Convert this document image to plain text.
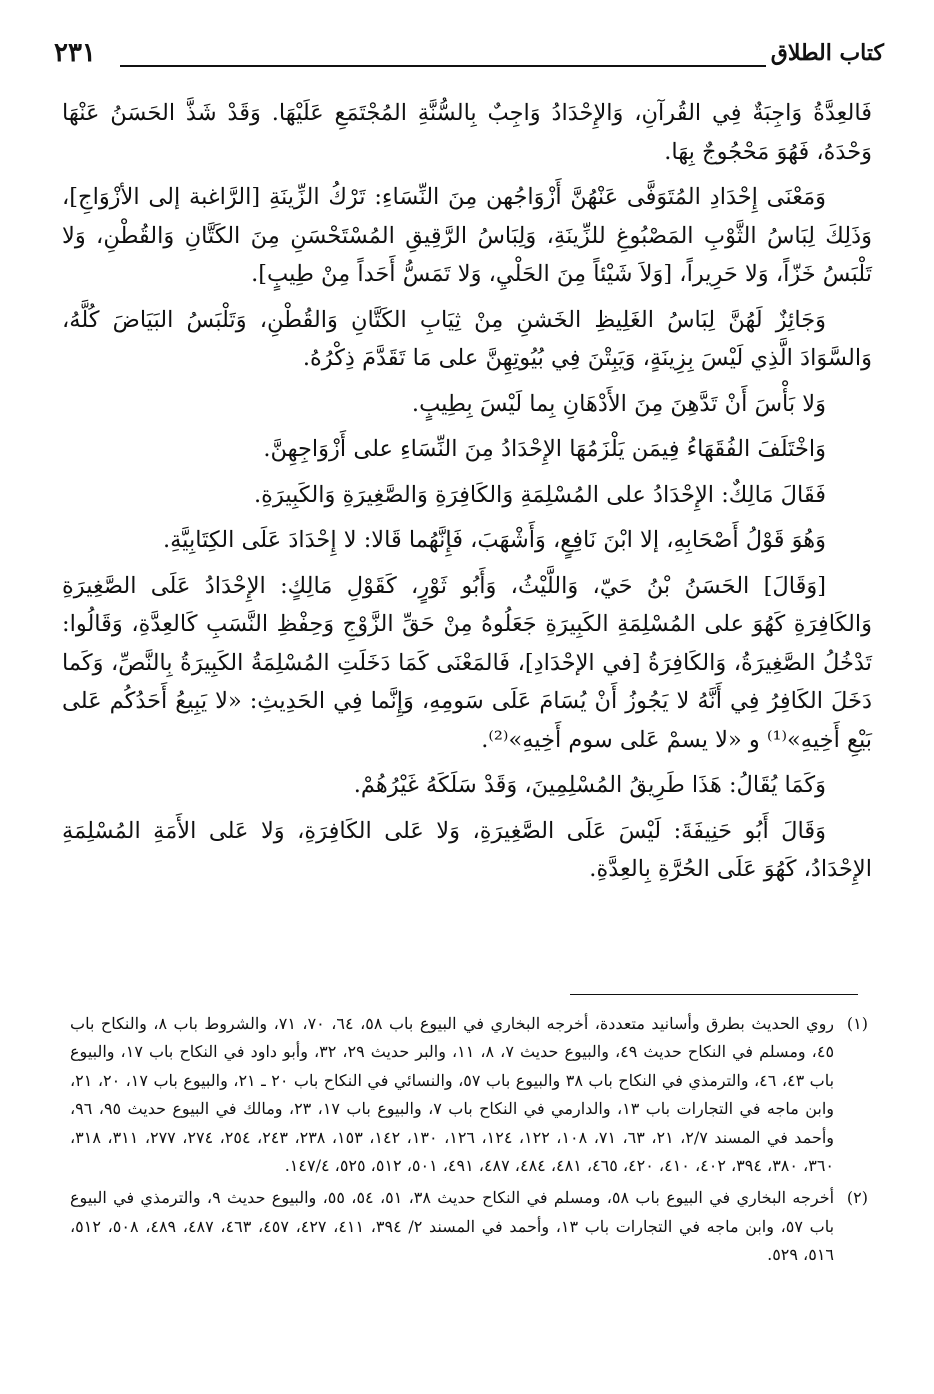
كتاب الطلاق
٢٣١

فَالعِدَّةُ وَاجِبَةٌ فِي القُرآنِ، وَالإِحْدَادُ وَاجِبٌ بِالسُّنَّةِ المُجْتَمَعِ عَلَيْهَا. وَقَدْ شَذَّ الحَسَنُ عَنْهَا وَحْدَهُ، فَهُوَ مَحْجُوجٌ بِهَا.

وَمَعْنَى إِحْدَادِ المُتَوَفَّى عَنْهُنَّ أَزْوَاجُهن مِنَ النِّسَاءِ: تَرْكُ الزِّينَةِ [الرَّاغبة إلى الأزْوَاجِ]، وَذَلِكَ لِبَاسُ الثَّوْبِ المَصْبُوغِ للزِّينَةِ، وَلِبَاسُ الرَّقِيقِ المُسْتَحْسَنِ مِنَ الكَتَّانِ وَالقُطْنِ، وَلا تَلْبَسُ خَزّاً، وَلا حَرِيراً، [وَلاَ شَيْئاً مِنَ الحَلْيِ، وَلا تَمَسُّ أَحَداً مِنْ طِيبٍ].

وَجَائِزٌ لَهُنَّ لِبَاسُ الغَلِيظِ الخَشنِ مِنْ ثِيَابِ الكَتَّانِ وَالقُطْنِ، وَتَلْبَسُ البَيَاضَ كُلَّهُ، وَالسَّوَادَ الَّذِي لَيْسَ بِزِينَةٍ، وَيَبِتْنَ فِي بُيُوتِهِنَّ على مَا تَقَدَّمَ ذِكْرُهُ.

وَلا بَأْسَ أَنْ تَدَّهِنَ مِنَ الأَدْهَانِ بِما لَيْسَ بِطِيبٍ.

وَاخْتَلَفَ الفُقَهَاءُ فِيمَن يَلْزَمُهَا الإِحْدَادُ مِنَ النِّسَاءِ على أَزْوَاجِهِنَّ.

فَقَالَ مَالِكٌ: الإِحْدَادُ على المُسْلِمَةِ وَالكَافِرَةِ وَالصَّغِيرَةِ وَالكَبِيرَةِ.

وَهُوَ قَوْلُ أَصْحَابِهِ، إلا ابْنَ نَافِعٍ، وَأَشْهَبَ، فَإِنَّهُما قَالا: لا إِحْدَادَ عَلَى الكِتَابِيَّةِ.

[وَقَالَ] الحَسَنُ بْنُ حَيّ، وَاللَّيْثُ، وَأَبُو ثَوْرٍ، كَقَوْلِ مَالِكٍ: الإِحْدَادُ عَلَى الصَّغِيرَةِ وَالكَافِرَةِ كَهُوَ على المُسْلِمَةِ الكَبِيرَةِ جَعَلُوهُ مِنْ حَقِّ الزَّوْجِ وَحِفْظِ النَّسَبِ كَالعِدَّةِ، وَقَالُوا: تَدْخُلُ الصَّغِيرَةُ، وَالكَافِرَةُ [في الإحْدَادِ]، فَالمَعْنَى كَمَا دَخَلَتِ المُسْلِمَةُ الكَبِيرَةُ بِالنَّصِّ، وَكَما دَخَلَ الكَافِرُ فِي أَنَّهُ لا يَجُوزُ أَنْ يُسَامَ عَلَى سَومِهِ، وَإِنَّما فِي الحَدِيثِ: «لا يَبِيعُ أَحَدُكُم عَلى بَيْعِ أَخِيهِ»⁽¹⁾ و «لا يسمْ عَلى سوم أَخِيهِ»⁽²⁾.

وَكَمَا يُقَالُ: هَذَا طَرِيقُ المُسْلِمِينَ، وَقَدْ سَلَكَهُ غَيْرُهُمْ.

وَقَالَ أَبُو حَنِيفَةَ: لَيْسَ عَلَى الصَّغِيرَةِ، وَلا عَلى الكَافِرَةِ، وَلا عَلى الأَمَةِ المُسْلِمَةِ الإِحْدَادُ، كَهُوَ عَلَى الحُرَّةِ بِالعِدَّةِ.

(١)
روي الحديث بطرق وأسانيد متعددة، أخرجه البخاري في البيوع باب ٥٨، ٦٤، ٧٠، ٧١، والشروط باب ٨، والنكاح باب ٤٥، ومسلم في النكاح حديث ٤٩، والبيوع حديث ٧، ٨، ١١، والبر حديث ٢٩، ٣٢، وأبو داود في النكاح باب ١٧، والبيوع باب ٤٣، ٤٦، والترمذي في النكاح باب ٣٨ والبيوع باب ٥٧، والنسائي في النكاح باب ٢٠ ـ ٢١، والبيوع باب ١٧، ٢٠، ٢١، وابن ماجه في التجارات باب ١٣، والدارمي في النكاح باب ٧، والبيوع باب ١٧، ٢٣، ومالك في البيوع حديث ٩٥، ٩٦، وأحمد في المسند ٢/٧، ٢١، ٦٣، ٧١، ١٠٨، ١٢٢، ١٢٤، ١٢٦، ١٣٠، ١٤٢، ١٥٣، ٢٣٨، ٢٤٣، ٢٥٤، ٢٧٤، ٢٧٧، ٣١١، ٣١٨، ٣٦٠، ٣٨٠، ٣٩٤، ٤٠٢، ٤١٠، ٤٢٠، ٤٦٥، ٤٨١، ٤٨٤، ٤٨٧، ٤٩١، ٥٠١، ٥١٢، ٥٢٥، ١٤٧/٤.
(٢)
أخرجه البخاري في البيوع باب ٥٨، ومسلم في النكاح حديث ٣٨، ٥١، ٥٤، ٥٥، والبيوع حديث ٩، والترمذي في البيوع باب ٥٧، وابن ماجه في التجارات باب ١٣، وأحمد في المسند ٢/ ٣٩٤، ٤١١، ٤٢٧، ٤٥٧، ٤٦٣، ٤٨٧، ٤٨٩، ٥٠٨، ٥١٢، ٥١٦، ٥٢٩.
